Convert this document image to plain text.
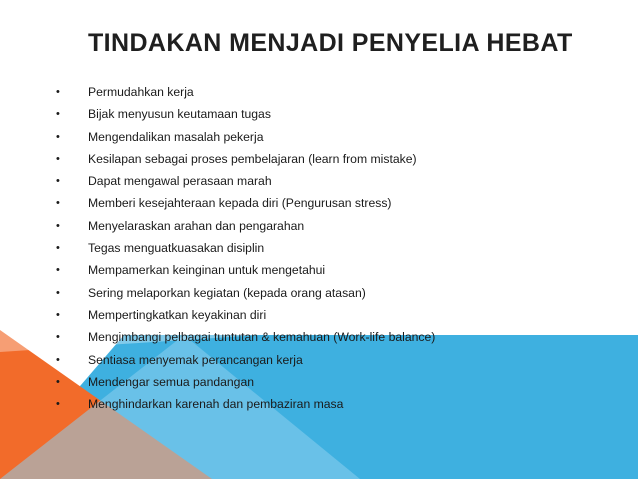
TINDAKAN MENJADI PENYELIA HEBAT
•	Permudahkan kerja
•	Bijak menyusun keutamaan tugas
•	Mengendalikan masalah pekerja
•	Kesilapan sebagai proses pembelajaran (learn from mistake)
•	Dapat mengawal perasaan marah
•	Memberi kesejahteraan kepada diri (Pengurusan stress)
•	Menyelaraskan arahan dan pengarahan
•	Tegas menguatkuasakan disiplin
•	Mempamerkan keinginan untuk mengetahui
•	Sering melaporkan kegiatan (kepada orang atasan)
•	Mempertingkatkan keyakinan diri
•	Mengimbangi pelbagai tuntutan & kemahuan (Work-life balance)
•	Sentiasa menyemak perancangan kerja
•	Mendengar semua pandangan
•	Menghindarkan karenah dan pembaziran masa
